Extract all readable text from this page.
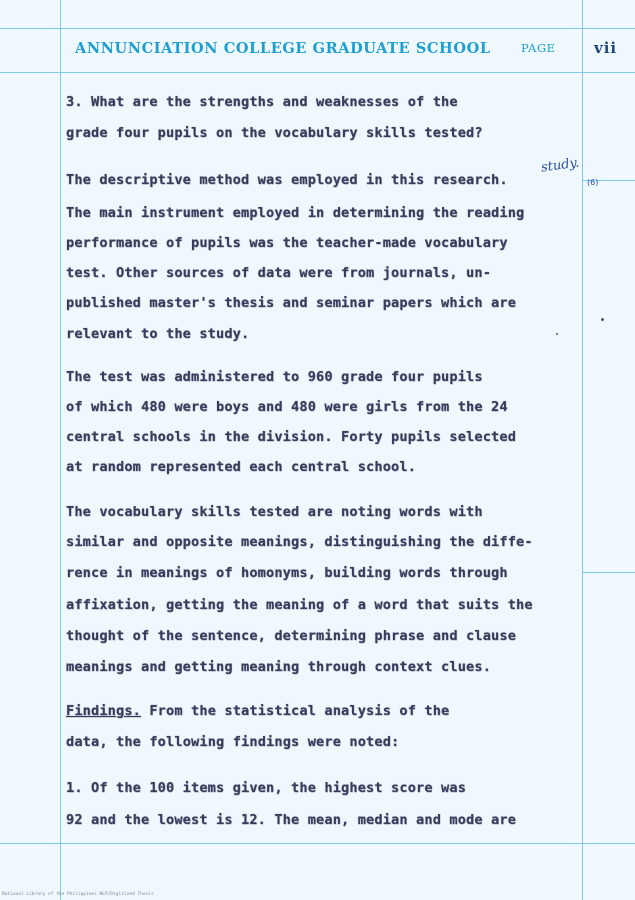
ANNUNCIATION COLLEGE GRADUATE SCHOOL	PAGE	vii
study.
(6)
3. What are the strengths and weaknesses of the
grade four pupils on the vocabulary skills tested?
The descriptive method was employed in this research.
The main instrument employed in determining the reading
performance of pupils was the teacher-made vocabulary
test. Other sources of data were from journals, un-
published master's thesis and seminar papers which are
relevant to the study.
The test was administered to 960 grade four pupils
of which 480 were boys and 480 were girls from the 24
central schools in the division. Forty pupils selected
at random represented each central school.
The vocabulary skills tested are noting words with
similar and opposite meanings, distinguishing the diffe-
rence in meanings of homonyms, building words through
affixation, getting the meaning of a word that suits the
thought of the sentence, determining phrase and clause
meanings and getting meaning through context clues.
Findings. From the statistical analysis of the
data, the following findings were noted:
1. Of the 100 items given, the highest score was
92 and the lowest is 12. The mean, median and mode are
National Library of the Philippines NLP/Digitized Thesis
